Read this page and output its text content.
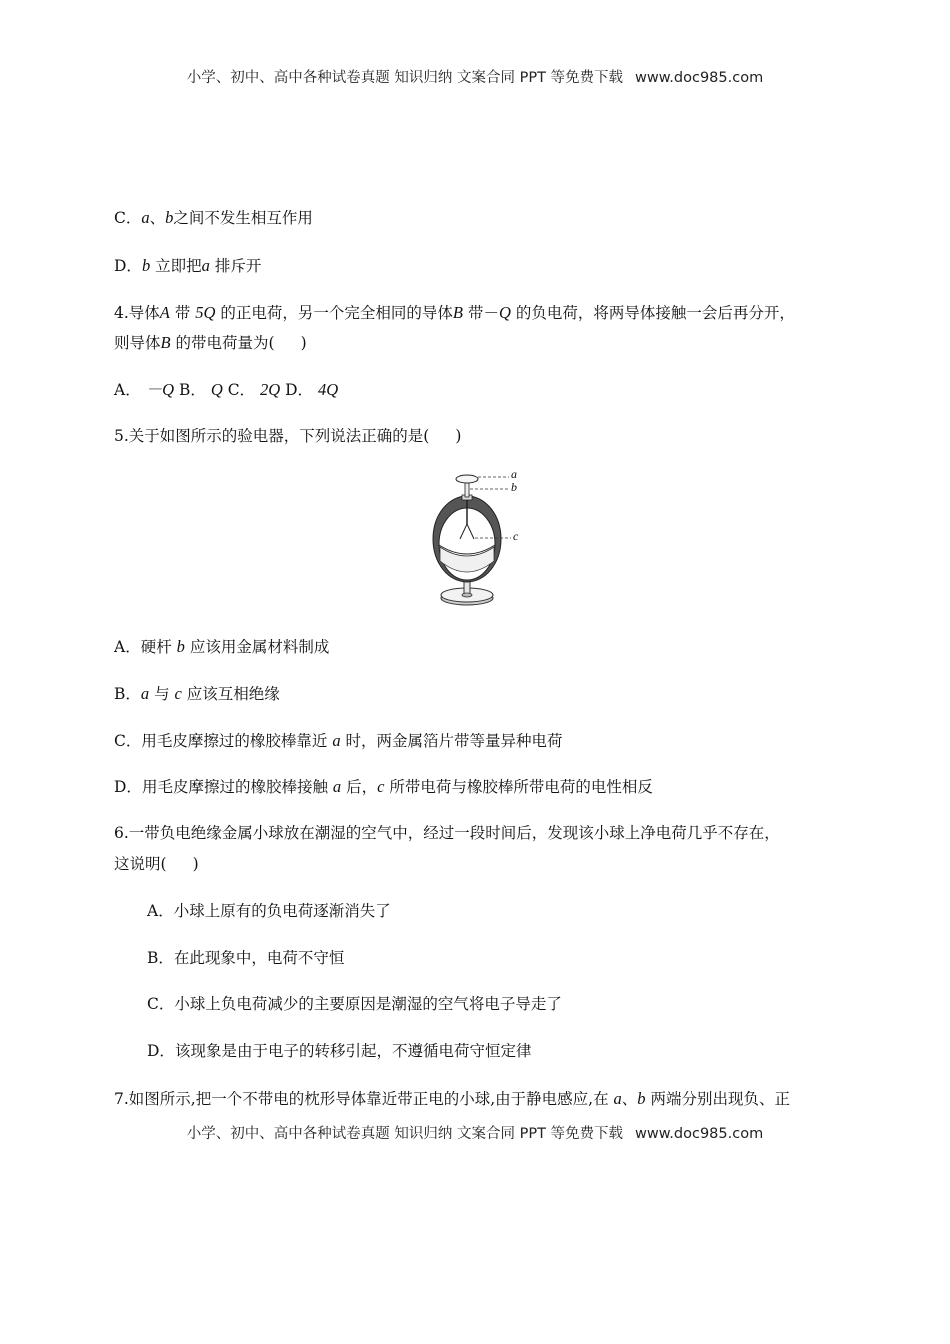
小学、初中、高中各种试卷真题 知识归纳 文案合同 PPT 等免费下载 www.doc985.com
C．a、b之间不发生相互作用
D．b 立即把a 排斥开
4.导体A 带 5Q 的正电荷，另一个完全相同的导体B 带－Q 的负电荷，将两导体接触一会后再分开，
则导体B 的带电荷量为( )
A． －Q B． Q C． 2Q D． 4Q
5.关于如图所示的验电器，下列说法正确的是( )
a
b
c
A．硬杆 b 应该用金属材料制成
B．a 与 c 应该互相绝缘
C．用毛皮摩擦过的橡胶棒靠近 a 时，两金属箔片带等量异种电荷
D．用毛皮摩擦过的橡胶棒接触 a 后，c 所带电荷与橡胶棒所带电荷的电性相反
6.一带负电绝缘金属小球放在潮湿的空气中，经过一段时间后，发现该小球上净电荷几乎不存在，
这说明( )
A．小球上原有的负电荷逐渐消失了
B．在此现象中，电荷不守恒
C．小球上负电荷减少的主要原因是潮湿的空气将电子导走了
D．该现象是由于电子的转移引起，不遵循电荷守恒定律
7.如图所示,把一个不带电的枕形导体靠近带正电的小球,由于静电感应,在 a、b 两端分别出现负、正
小学、初中、高中各种试卷真题 知识归纳 文案合同 PPT 等免费下载 www.doc985.com
